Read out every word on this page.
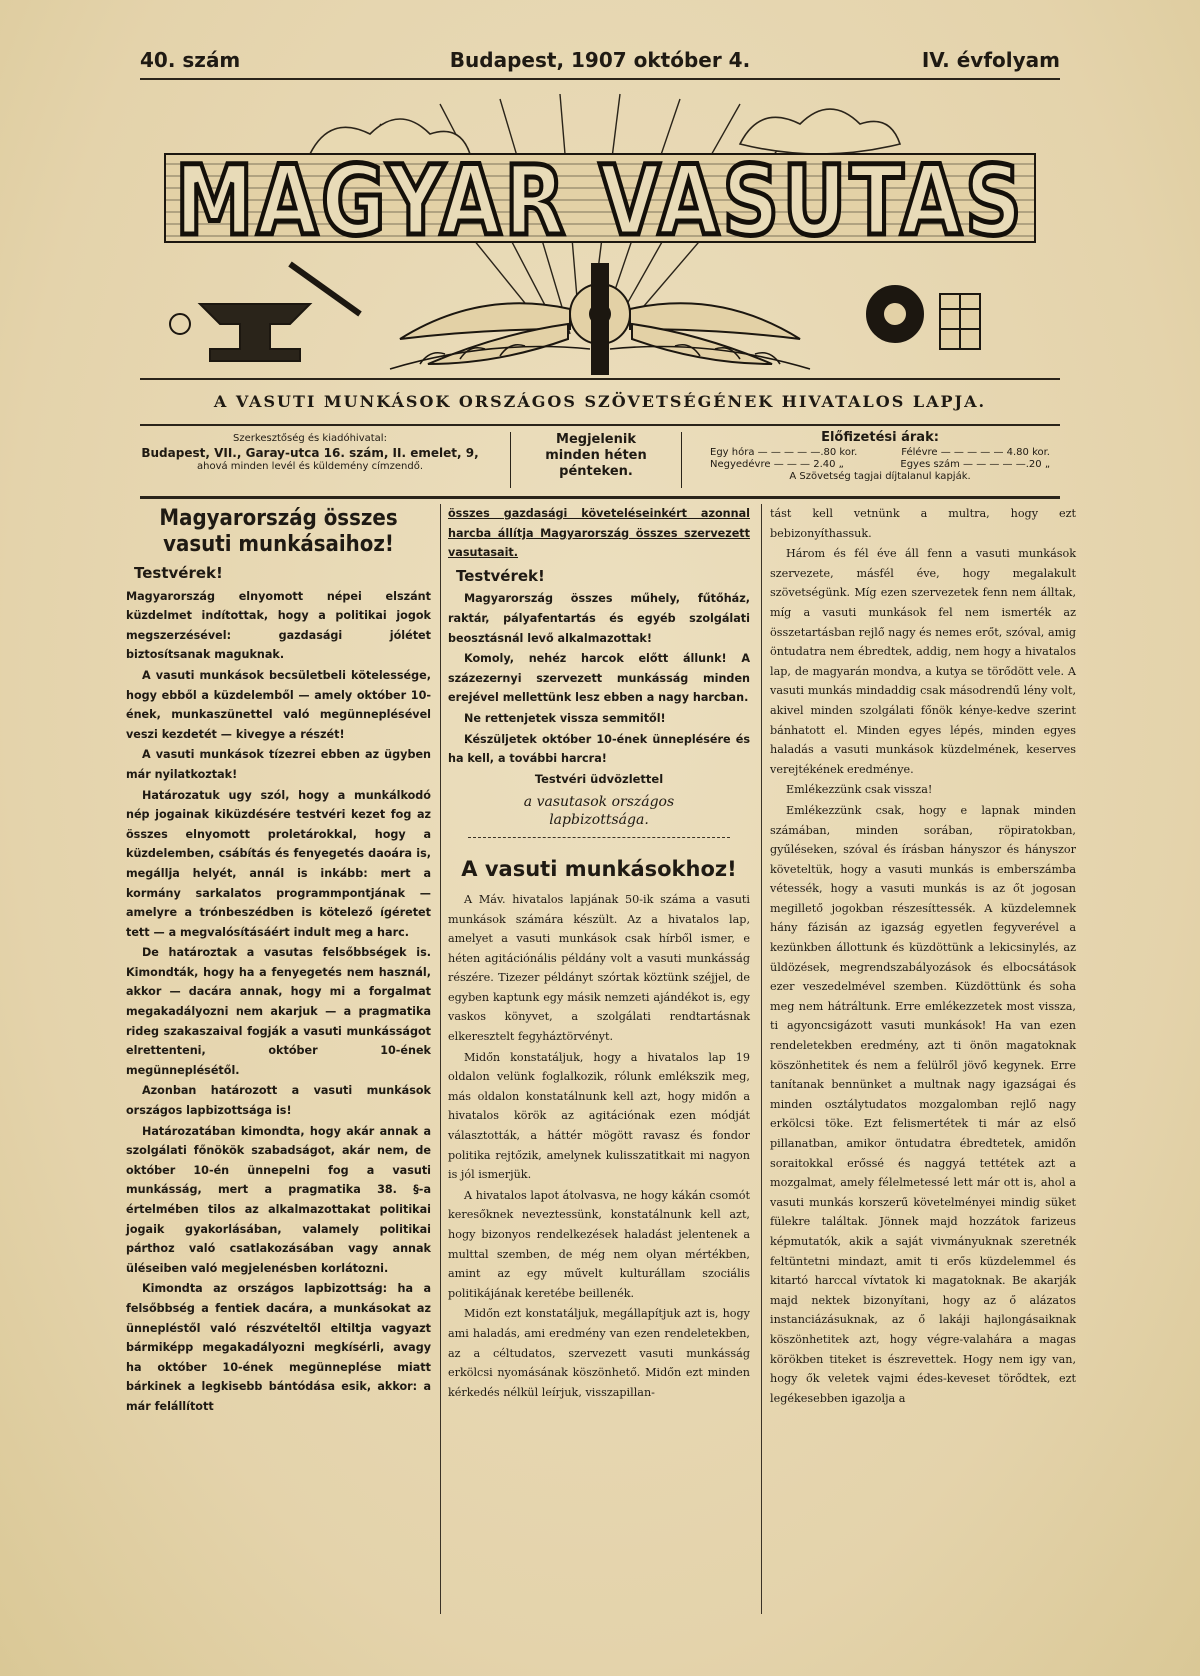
40. szám	Budapest, 1907 október 4.	IV. évfolyam
MAGYAR VASUTAS
A VASUTI MUNKÁSOK ORSZÁGOS SZÖVETSÉGÉNEK HIVATALOS LAPJA.
Szerkesztőség és kiadóhivatal:
Budapest, VII., Garay-utca 16. szám, II. emelet, 9,
ahová minden levél és küldemény címzendő.
Megjelenik
minden héten
pénteken.
Előfizetési árak:
Egy hóra — — — — —.80 kor.	Félévre — — — — — 4.80 kor.
Negyedévre — — — 2.40 „	Egyes szám — — — — —.20 „
A Szövetség tagjai díjtalanul kapják.
Magyarország összes vasuti munkásaihoz!
Testvérek!

Magyarország elnyomott népei elszánt küzdelmet indítottak, hogy a politikai jogok megszerzésével: gazdasági jólétet biztosítsanak maguknak.

A vasuti munkások becsületbeli kötelessége, hogy ebből a küzdelemből — amely október 10-ének, munkaszünettel való megünneplésével veszi kezdetét — kivegye a részét!

A vasuti munkások tízezrei ebben az ügyben már nyilatkoztak!

Határozatuk ugy szól, hogy a munkálkodó nép jogainak kiküzdésére testvéri kezet fog az összes elnyomott proletárokkal, hogy a küzdelemben, csábítás és fenyegetés daoára is, megállja helyét, annál is inkább: mert a kormány sarkalatos programmpontjának — amelyre a trónbeszédben is kötelező ígéretet tett — a megvalósításáért indult meg a harc.

De határoztak a vasutas felsőbbségek is. Kimondták, hogy ha a fenyegetés nem használ, akkor — dacára annak, hogy mi a forgalmat megakadályozni nem akarjuk — a pragmatika rideg szakaszaival fogják a vasuti munkásságot elrettenteni, október 10-ének megünneplésétől.

Azonban határozott a vasuti munkások országos lapbizottsága is!

Határozatában kimondta, hogy akár annak a szolgálati főnökök szabadságot, akár nem, de október 10-én ünnepelni fog a vasuti munkásság, mert a pragmatika 38. §-a értelmében tilos az alkalmazottakat politikai jogaik gyakorlásában, valamely politikai párthoz való csatlakozásában vagy annak üléseiben való megjelenésben korlátozni.

Kimondta az országos lapbizottság: ha a felsőbbség a fentiek dacára, a munkásokat az ünnepléstől való részvételtől eltiltja vagyazt bármiképp megakadályozni megkísérli, avagy ha október 10-ének megünneplése miatt bárkinek a legkisebb bántódása esik, akkor: a már felállított

összes gazdasági követeléseinkért azonnal harcba állítja Magyarország összes szervezett vasutasait.

Testvérek!

Magyarország összes műhely, fűtőház, raktár, pályafentartás és egyéb szolgálati beosztásnál levő alkalmazottak!

Komoly, nehéz harcok előtt állunk! A százezernyi szervezett munkásság minden erejével mellettünk lesz ebben a nagy harcban.

Ne rettenjetek vissza semmitől!

Készüljetek október 10-ének ünneplésére és ha kell, a további harcra!

Testvéri üdvözlettel
a vasutasok országos
lapbizottsága.
A vasuti munkásokhoz!

A Máv. hivatalos lapjának 50-ik száma a vasuti munkások számára készült. Az a hivatalos lap, amelyet a vasuti munkások csak hírből ismer, e héten agitációnális példány volt a vasuti munkásság részére. Tizezer példányt szórtak köztünk széjjel, de egyben kaptunk egy másik nemzeti ajándékot is, egy vaskos könyvet, a szolgálati rendtartásnak elkeresztelt fegyháztörvényt.

Midőn konstatáljuk, hogy a hivatalos lap 19 oldalon velünk foglalkozik, rólunk emlékszik meg, más oldalon konstatálnunk kell azt, hogy midőn a hivatalos körök az agitációnak ezen módját választották, a háttér mögött ravasz és fondor politika rejtőzik, amelynek kulisszatitkait mi nagyon is jól ismerjük.

A hivatalos lapot átolvasva, ne hogy kákán csomót keresőknek neveztessünk, konstatálnunk kell azt, hogy bizonyos rendelkezések haladást jelentenek a multtal szemben, de még nem olyan mértékben, amint az egy művelt kulturállam szociális politikájának keretébe beillenék.

Midőn ezt konstatáljuk, megállapítjuk azt is, hogy ami haladás, ami eredmény van ezen rendeletekben, az a céltudatos, szervezett vasuti munkásság erkölcsi nyomásának köszönhető. Midőn ezt minden kérkedés nélkül leírjuk, visszapillan-

tást kell vetnünk a multra, hogy ezt bebizonyíthassuk.

Három és fél éve áll fenn a vasuti munkások szervezete, másfél éve, hogy megalakult szövetségünk. Míg ezen szervezetek fenn nem álltak, míg a vasuti munkások fel nem ismerték az összetartásban rejlő nagy és nemes erőt, szóval, amig öntudatra nem ébredtek, addig, nem hogy a hivatalos lap, de magyarán mondva, a kutya se törődött vele. A vasuti munkás mindaddig csak másodrendű lény volt, akivel minden szolgálati főnök kénye-kedve szerint bánhatott el. Minden egyes lépés, minden egyes haladás a vasuti munkások küzdelmének, keserves verejtékének eredménye.

Emlékezzünk csak vissza!

Emlékezzünk csak, hogy e lapnak minden számában, minden sorában, röpiratokban, gyűléseken, szóval és írásban hányszor és hányszor követeltük, hogy a vasuti munkás is emberszámba vétessék, hogy a vasuti munkás is az őt jogosan megillető jogokban részesíttessék. A küzdelemnek hány fázisán az igazság egyetlen fegyverével a kezünkben állottunk és küzdöttünk a lekicsinylés, az üldözések, megrendszabályozások és elbocsátások ezer veszedelmével szemben. Küzdöttünk és soha meg nem hátráltunk. Erre emlékezzetek most vissza, ti agyoncsigázott vasuti munkások! Ha van ezen rendeletekben eredmény, azt ti önön magatoknak köszönhetitek és nem a felülről jövő kegynek. Erre tanítanak bennünket a multnak nagy igazságai és minden osztálytudatos mozgalomban rejlő nagy erkölcsi töke. Ezt felismertétek ti már az első pillanatban, amikor öntudatra ébredtetek, amidőn soraitokkal erőssé és naggyá tettétek azt a mozgalmat, amely félelmetessé lett már ott is, ahol a vasuti munkás korszerű követelményei mindig süket fülekre találtak. Jönnek majd hozzátok farizeus képmutatók, akik a saját vivmányuknak szeretnék feltüntetni mindazt, amit ti erős küzdelemmel és kitartó harccal vívtatok ki magatoknak. Be akarják majd nektek bizonyítani, hogy az ő alázatos instanciázásuknak, az ő lakáji hajlongásaiknak köszönhetitek azt, hogy végre-valahára a magas körökben titeket is észrevettek. Hogy nem igy van, hogy ők veletek vajmi édes-keveset törődtek, ezt legékesebben igazolja a
